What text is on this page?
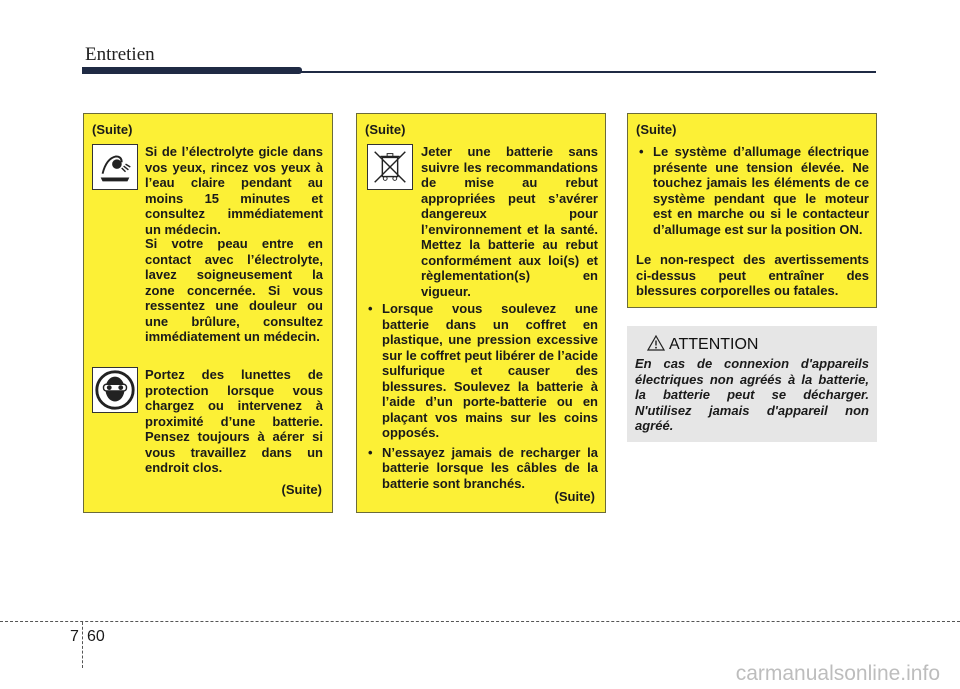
Entretien
(Suite)
Si de l’électrolyte gicle dans vos yeux, rincez vos yeux à l’eau claire pendant au moins 15 minutes et consultez immédiatement un médecin.
Si votre peau entre en contact avec l’électrolyte, lavez soigneusement la zone concernée. Si vous ressentez une douleur ou une brûlure, consultez immédiatement un médecin.
Portez des lunettes de protection lorsque vous chargez ou intervenez à proximité d’une batterie. Pensez toujours à aérer si vous travaillez dans un endroit clos.
(Suite)
(Suite)
Jeter une batterie sans suivre les recommandations de mise au rebut appropriées peut s’avérer dangereux pour l’environnement et la santé. Mettez la batterie au rebut conformément aux loi(s) et règlementation(s) en vigueur.
• Lorsque vous soulevez une batterie dans un coffret en plastique, une pression excessive sur le coffret peut libérer de l’acide sulfurique et causer des blessures. Soulevez la batterie à l’aide d’un porte-batterie ou en plaçant vos mains sur les coins opposés.
• N’essayez jamais de recharger la batterie lorsque les câbles de la batterie sont branchés.
(Suite)
(Suite)
• Le système d’allumage électrique présente une tension élevée. Ne touchez jamais les éléments de ce système pendant que le moteur est en marche ou si le contacteur d’allumage est sur la position ON.
Le non-respect des avertissements ci-dessus peut entraîner des blessures corporelles ou fatales.
ATTENTION
En cas de connexion d'appareils électriques non agréés à la batterie, la batterie peut se décharger. N'utilisez jamais d'appareil non agréé.
7 60
carmanualsonline.info
